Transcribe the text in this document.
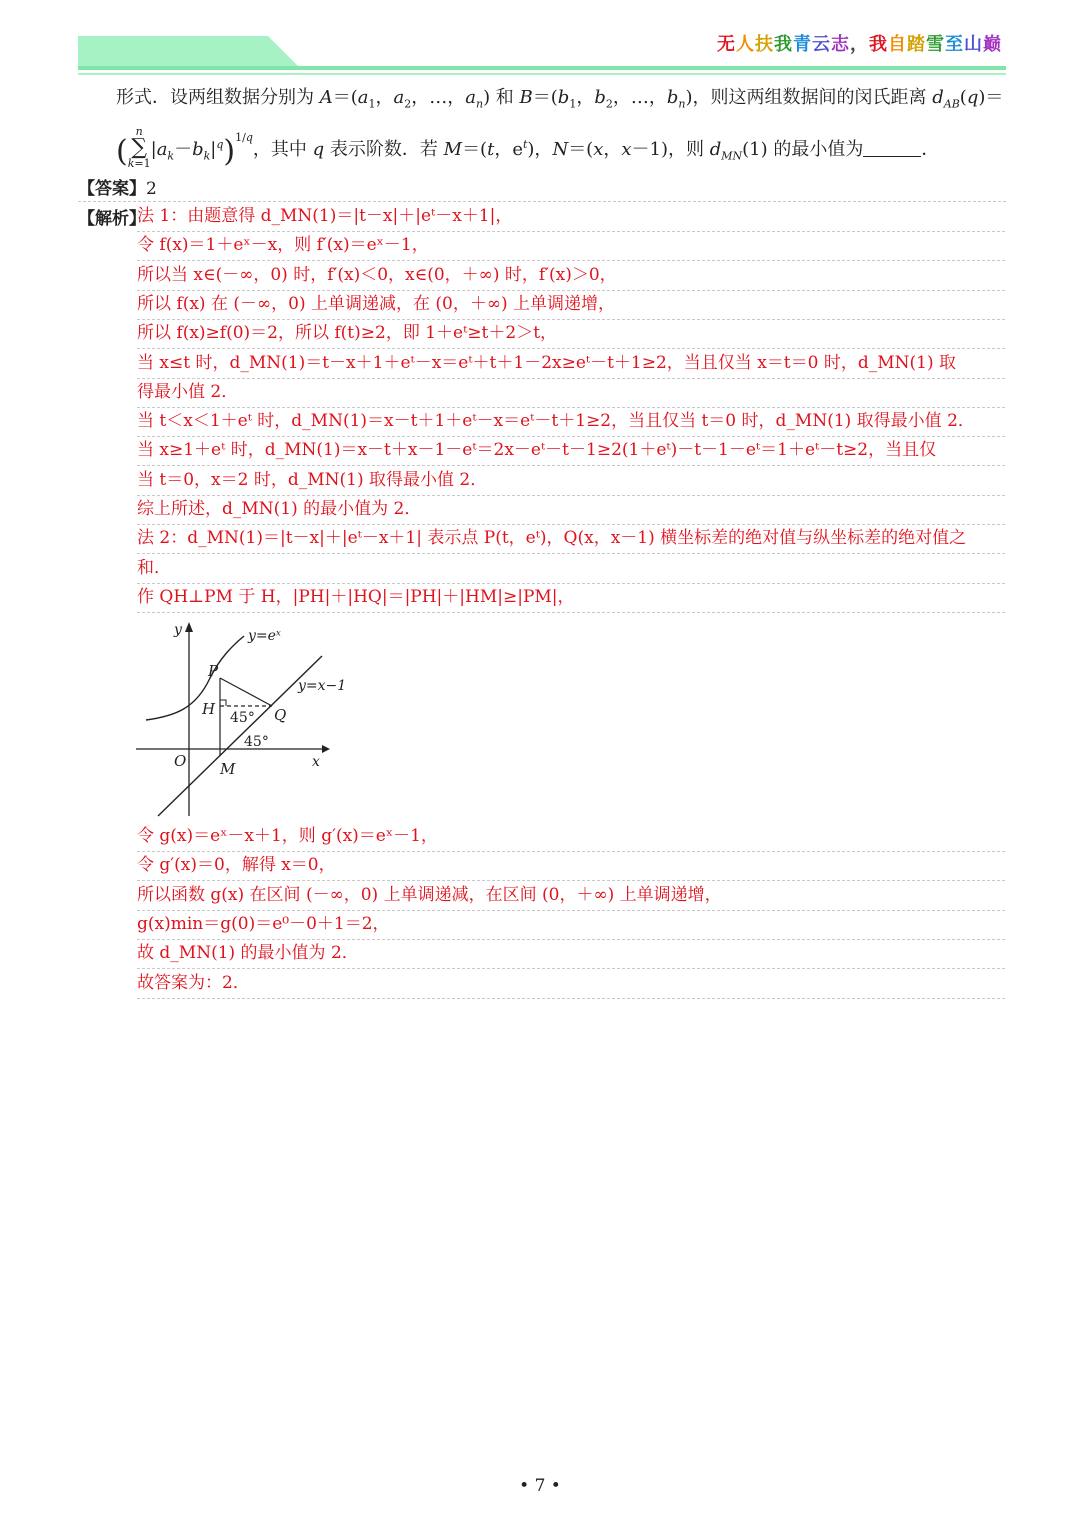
无人扶我青云志，我自踏雪至山巅
形式．设两组数据分别为 $A=(a_1$，$a_2$，…，$a_n$) 和 $B=(b_1$，$b_2$，…，$b_n$)，则这两组数据间的闵氏距离 $d_{AB}(q)=$
(n
∑
$k=1|a_k-b_k|^q)^{1/q}$，其中 q 表示阶数．若 M＝(t，$e^t$)，N＝(x，x－1)，则 $d_{MN}(1)$ 的最小值为	．
【答案】2
【解析】
法 1：由题意得 d_MN(1)＝|t－x|＋|eᵗ－x＋1|，
令 f(x)＝1＋eˣ－x，则 f′(x)＝eˣ－1，
所以当 x∈(－∞，0) 时，f′(x)＜0，x∈(0，＋∞) 时，f′(x)＞0，
所以 f(x) 在 (－∞，0) 上单调递减，在 (0，＋∞) 上单调递增，
所以 f(x)≥f(0)＝2，所以 f(t)≥2，即 1＋eᵗ≥t＋2＞t，
当 x≤t 时，d_MN(1)＝t－x＋1＋eᵗ－x＝eᵗ＋t＋1－2x≥eᵗ－t＋1≥2，当且仅当 x＝t＝0 时，d_MN(1) 取
得最小值 2．
当 t＜x＜1＋eᵗ 时，d_MN(1)＝x－t＋1＋eᵗ－x＝eᵗ－t＋1≥2，当且仅当 t＝0 时，d_MN(1) 取得最小值 2．
当 x≥1＋eᵗ 时，d_MN(1)＝x－t＋x－1－eᵗ＝2x－eᵗ－t－1≥2(1＋eᵗ)－t－1－eᵗ＝1＋eᵗ－t≥2，当且仅
当 t＝0，x＝2 时，d_MN(1) 取得最小值 2．
综上所述，d_MN(1) 的最小值为 2．
法 2：d_MN(1)＝|t－x|＋|eᵗ－x＋1| 表示点 P(t，eᵗ)，Q(x，x－1) 横坐标差的绝对值与纵坐标差的绝对值之
和．
作 QH⊥PM 于 H，|PH|＋|HQ|＝|PH|＋|HM|≥|PM|，
y	y=eˣ
P
y=x−1
H 45° Q
45°
O M	x
令 g(x)＝eˣ－x＋1，则 g′(x)＝eˣ－1，
令 g′(x)＝0，解得 x＝0，
所以函数 g(x) 在区间 (－∞，0) 上单调递减，在区间 (0，＋∞) 上单调递增，
g(x)min＝g(0)＝e⁰－0＋1＝2，
故 d_MN(1) 的最小值为 2．
故答案为：2．
• 7 •
